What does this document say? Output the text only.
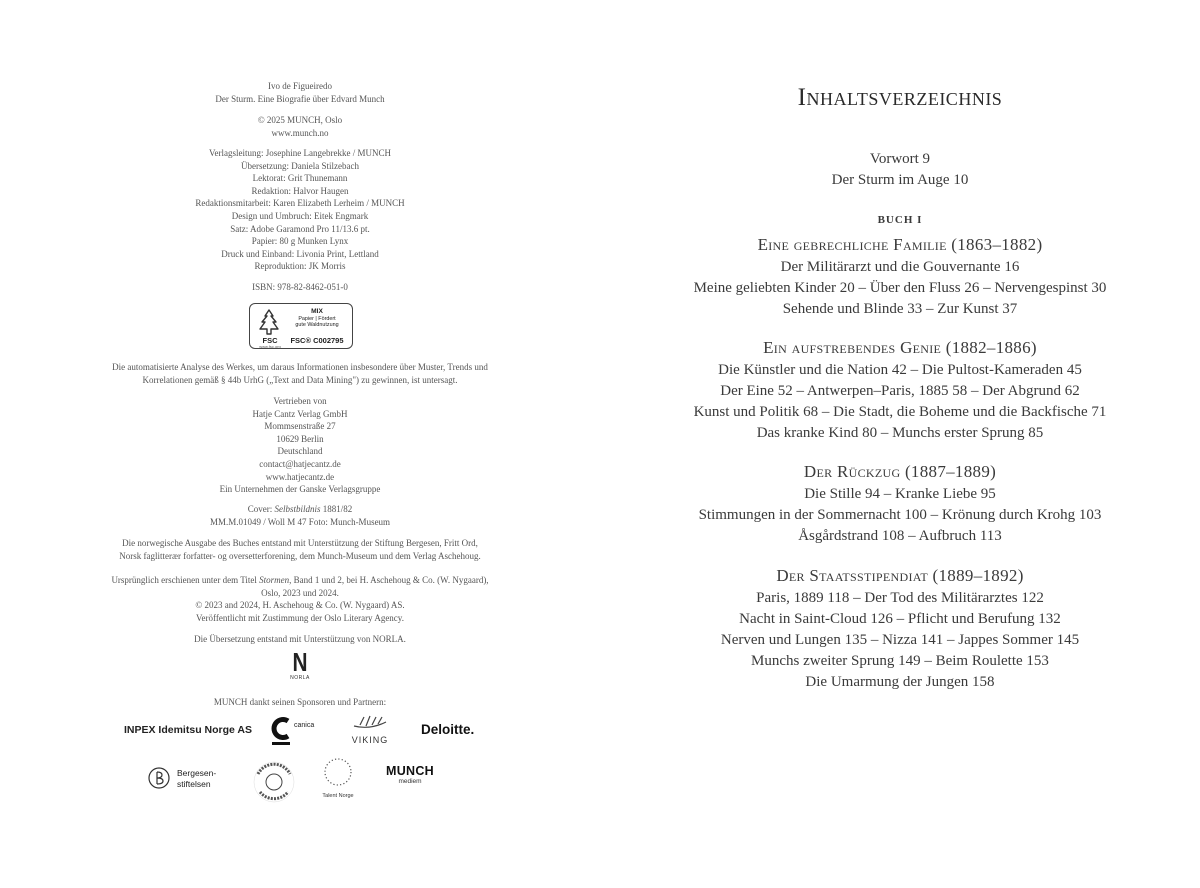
Ivo de Figueiredo

Der Sturm. Eine Biografie über Edvard Munch

© 2025 MUNCH, Oslo

www.munch.no

Verlagsleitung: Josephine Langebrekke / MUNCH

Übersetzung: Daniela Stilzebach

Lektorat: Grit Thunemann

Redaktion: Halvor Haugen

Redaktionsmitarbeit: Karen Elizabeth Lerheim / MUNCH

Design und Umbruch: Eitek Engmark

Satz: Adobe Garamond Pro 11/13.6 pt.

Papier: 80 g Munken Lynx

Druck und Einband: Livonia Print, Lettland

Reproduktion: JK Morris

ISBN: 978-82-8462-051-0
FSC
www.fsc.org
MIX
Papier | Fördert
gute Waldnutzung
FSC® C002795

Die automatisierte Analyse des Werkes, um daraus Informationen insbesondere über Muster, Trends und

Korrelationen gemäß § 44b UrhG („Text and Data Mining") zu gewinnen, ist untersagt.

Vertrieben von

Hatje Cantz Verlag GmbH

Mommsenstraße 27

10629 Berlin

Deutschland

contact@hatjecantz.de

www.hatjecantz.de

Ein Unternehmen der Ganske Verlagsgruppe

Cover: Selbstbildnis 1881/82

MM.M.01049 / Woll M 47 Foto: Munch-Museum

Die norwegische Ausgabe des Buches entstand mit Unterstützung der Stiftung Bergesen, Fritt Ord,

Norsk faglitterær forfatter- og oversetterforening, dem Munch-Museum und dem Verlag Aschehoug.

Ursprünglich erschienen unter dem Titel Stormen, Band 1 und 2, bei H. Aschehoug & Co. (W. Nygaard),

Oslo, 2023 und 2024.

© 2023 and 2024, H. Aschehoug & Co. (W. Nygaard) AS.

Veröffentlicht mit Zustimmung der Oslo Literary Agency.

Die Übersetzung entstand mit Unterstützung von NORLA.
N
NORLA
MUNCH dankt seinen Sponsoren und Partnern:
INPEX Idemitsu Norge AS	canica
VIKING
Deloitte.
Bergesen-
stiftelsen
Talent Norge
MUNCH
mediem
Inhaltsverzeichnis

Vorwort 9

Der Sturm im Auge 10

BUCH I

Eine gebrechliche Familie (1863–1882)

Der Militärarzt und die Gouvernante 16

Meine geliebten Kinder 20 – Über den Fluss 26 – Nervengespinst 30

Sehende und Blinde 33 – Zur Kunst 37

Ein aufstrebendes Genie (1882–1886)

Die Künstler und die Nation 42 – Die Pultost-Kameraden 45

Der Eine 52 – Antwerpen–Paris, 1885 58 – Der Abgrund 62

Kunst und Politik 68 – Die Stadt, die Boheme und die Backfische 71

Das kranke Kind 80 – Munchs erster Sprung 85

Der Rückzug (1887–1889)

Die Stille 94 – Kranke Liebe 95

Stimmungen in der Sommernacht 100 – Krönung durch Krohg 103

Åsgårdstrand 108 – Aufbruch 113

Der Staatsstipendiat (1889–1892)

Paris, 1889 118 – Der Tod des Militärarztes 122

Nacht in Saint-Cloud 126 – Pflicht und Berufung 132

Nerven und Lungen 135 – Nizza 141 – Jappes Sommer 145

Munchs zweiter Sprung 149 – Beim Roulette 153

Die Umarmung der Jungen 158
